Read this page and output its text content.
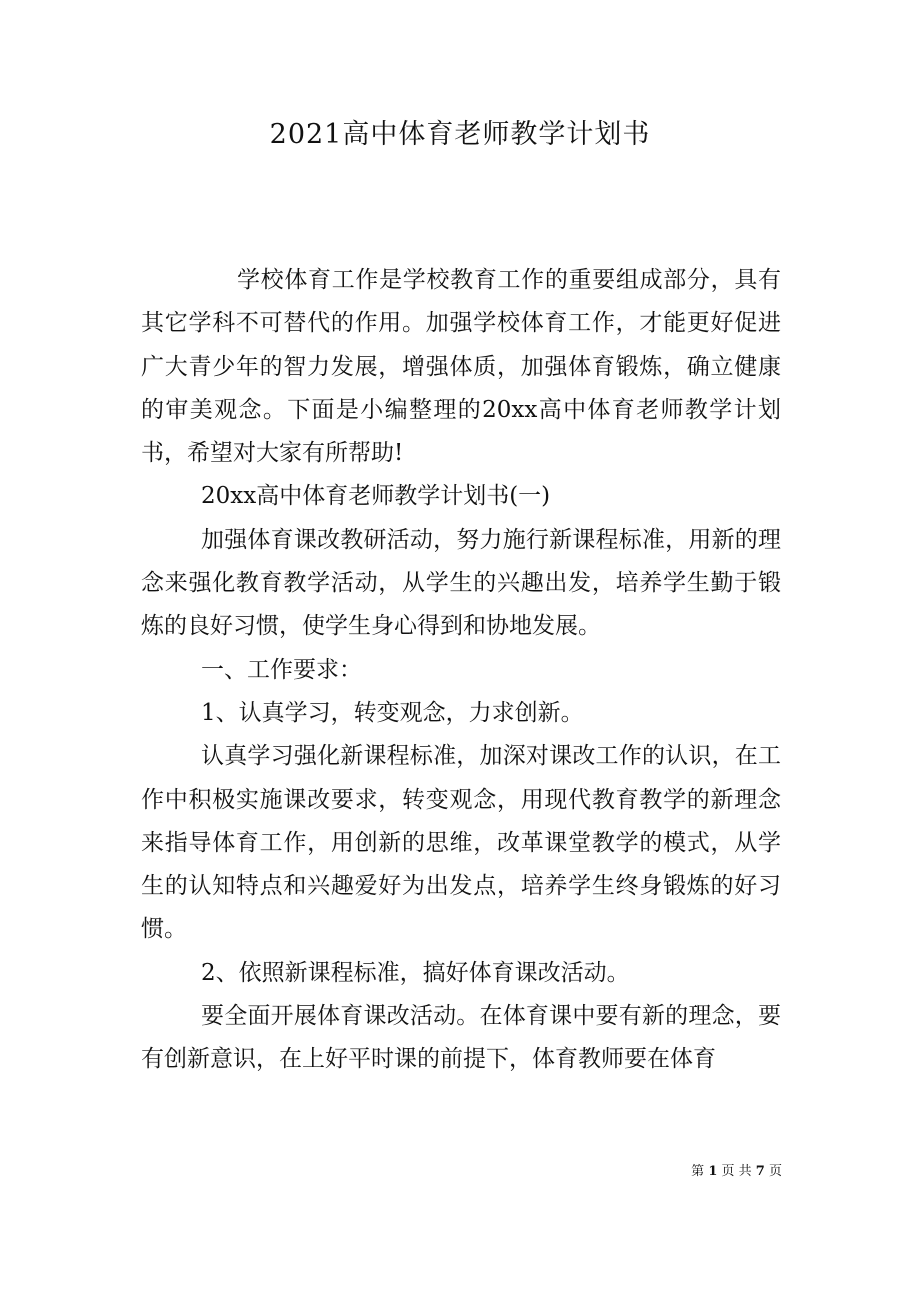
2021高中体育老师教学计划书

学校体育工作是学校教育工作的重要组成部分，具有其它学科不可替代的作用。加强学校体育工作，才能更好促进广大青少年的智力发展，增强体质，加强体育锻炼，确立健康的审美观念。下面是小编整理的20xx高中体育老师教学计划书，希望对大家有所帮助!

20xx高中体育老师教学计划书(一)

加强体育课改教研活动，努力施行新课程标准，用新的理念来强化教育教学活动，从学生的兴趣出发，培养学生勤于锻炼的良好习惯，使学生身心得到和协地发展。

一、工作要求：

1、认真学习，转变观念，力求创新。

认真学习强化新课程标准，加深对课改工作的认识，在工作中积极实施课改要求，转变观念，用现代教育教学的新理念来指导体育工作，用创新的思维，改革课堂教学的模式，从学生的认知特点和兴趣爱好为出发点，培养学生终身锻炼的好习惯。

2、依照新课程标准，搞好体育课改活动。

要全面开展体育课改活动。在体育课中要有新的理念，要有创新意识，在上好平时课的前提下，体育教师要在体育

第 1 页 共 7 页
